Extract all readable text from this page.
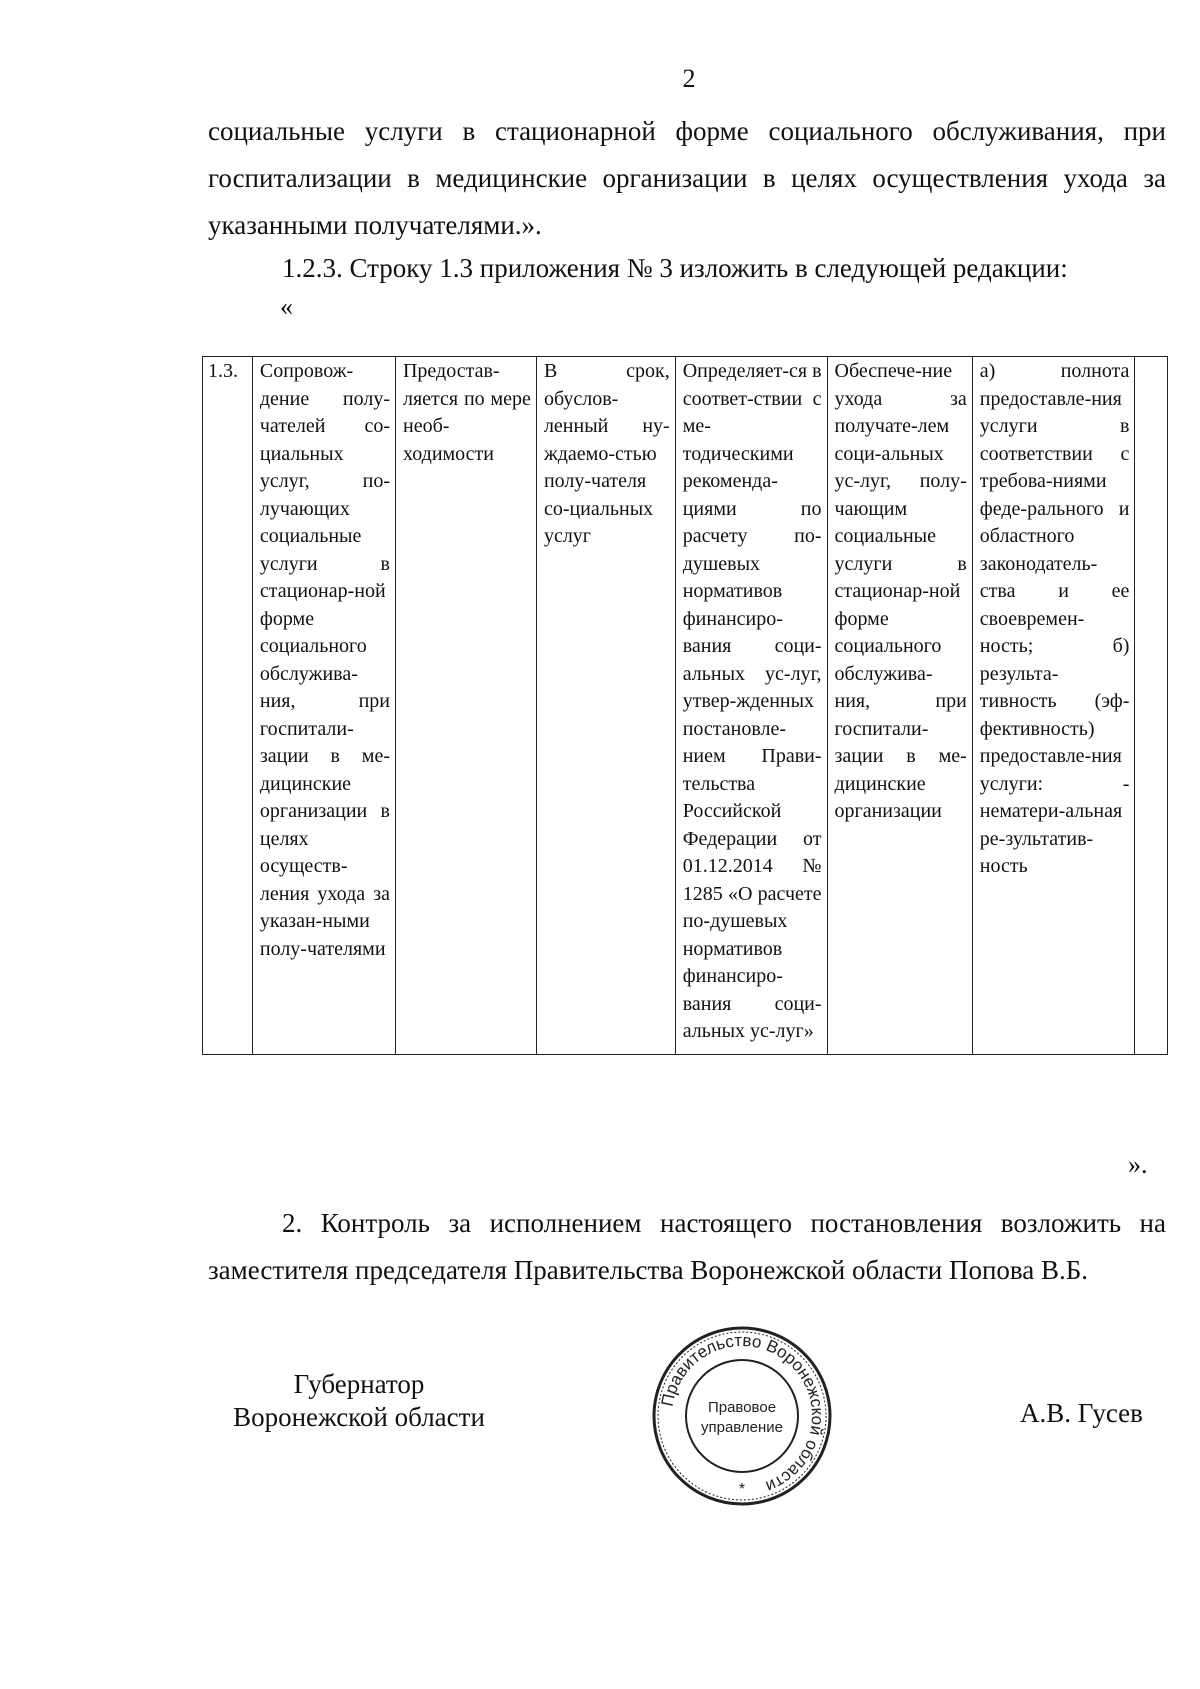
2
социальные услуги в стационарной форме социального обслуживания, при госпитализации в медицинские организации в целях осуществления ухода за указанными получателями.».
1.2.3. Строку 1.3 приложения № 3 изложить в следующей редакции:
«
1.3.	Сопровож-дение полу-чателей со-циальных услуг, по-лучающих социальные услуги в стационар-ной форме социального обслужива-ния, при госпитали-зации в ме-дицинские организации в целях осуществ-ления ухода за указан-ными полу-чателями	Предостав-ляется по мере необ-ходимости	В срок, обуслов-ленный ну-ждаемо-стью полу-чателя со-циальных услуг	Определяет-ся в соответ-ствии с ме-тодическими рекоменда-циями по расчету по-душевых нормативов финансиро-вания соци-альных ус-луг, утвер-жденных постановле-нием Прави-тельства Российской Федерации от 01.12.2014 № 1285 «О расчете по-душевых нормативов финансиро-вания соци-альных ус-луг»	Обеспече-ние ухода за получате-лем соци-альных ус-луг, полу-чающим социальные услуги в стационар-ной форме социального обслужива-ния, при госпитали-зации в ме-дицинские организации	а) полнота предоставле-ния услуги в соответствии с требова-ниями феде-рального и областного законодатель-ства и ее своевремен-ность; б) результа-тивность (эф-фективность) предоставле-ния услуги: - нематери-альная ре-зультатив-ность	
».
2. Контроль за исполнением настоящего постановления возложить на заместителя председателя Правительства Воронежской области Попова В.Б.
Губернатор
Воронежской области
Правительство Воронежской области
Правовое
управление
*
А.В. Гусев
